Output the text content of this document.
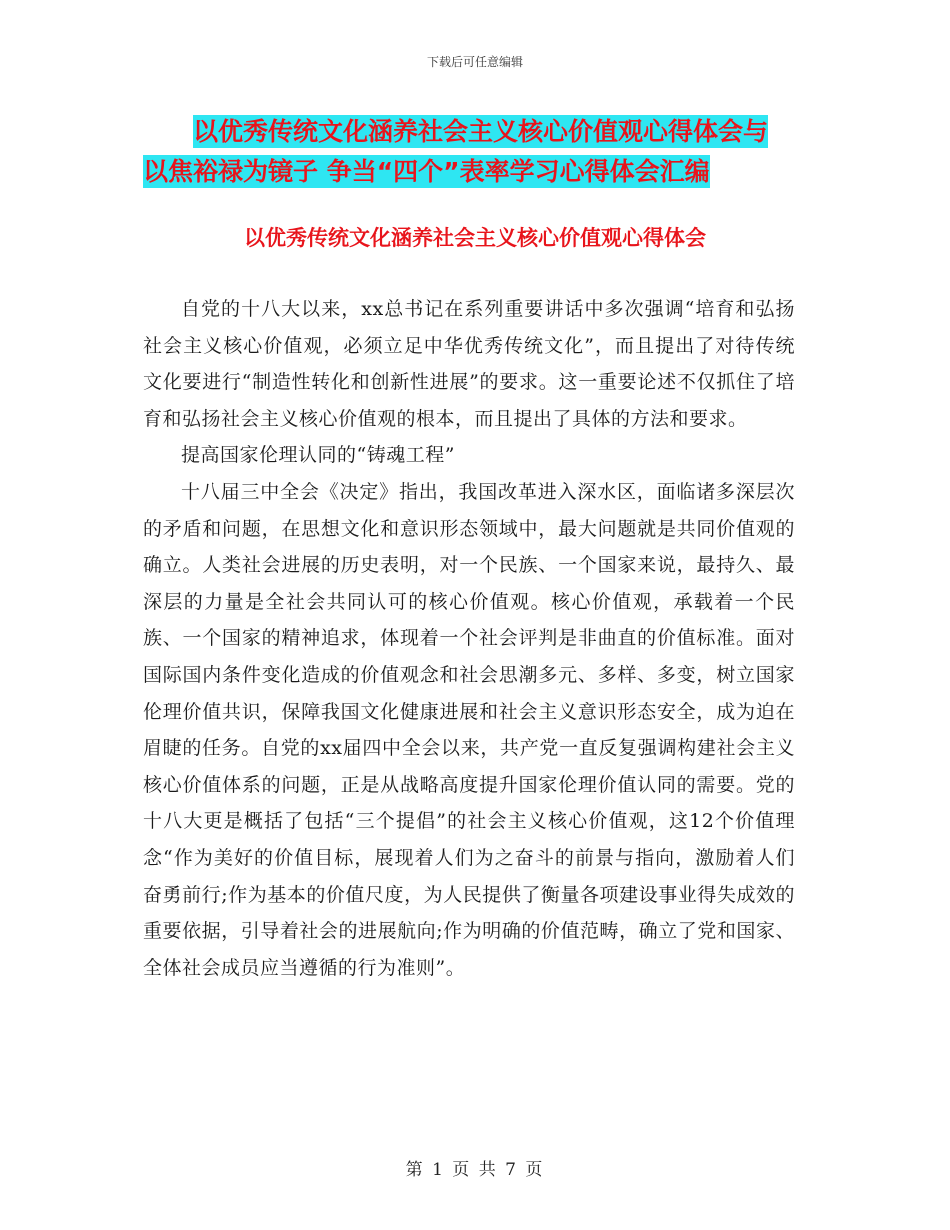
下载后可任意编辑
以优秀传统文化涵养社会主义核心价值观心得体会与
以焦裕禄为镜子 争当“四个”表率学习心得体会汇编
以优秀传统文化涵养社会主义核心价值观心得体会

自党的十八大以来，xx总书记在系列重要讲话中多次强调“培育和弘扬社会主义核心价值观，必须立足中华优秀传统文化”，而且提出了对待传统文化要进行“制造性转化和创新性进展”的要求。这一重要论述不仅抓住了培育和弘扬社会主义核心价值观的根本，而且提出了具体的方法和要求。

提高国家伦理认同的“铸魂工程”

十八届三中全会《决定》指出，我国改革进入深水区，面临诸多深层次的矛盾和问题，在思想文化和意识形态领域中，最大问题就是共同价值观的确立。人类社会进展的历史表明，对一个民族、一个国家来说，最持久、最深层的力量是全社会共同认可的核心价值观。核心价值观，承载着一个民族、一个国家的精神追求，体现着一个社会评判是非曲直的价值标准。面对国际国内条件变化造成的价值观念和社会思潮多元、多样、多变，树立国家伦理价值共识，保障我国文化健康进展和社会主义意识形态安全，成为迫在眉睫的任务。自党的xx届四中全会以来，共产党一直反复强调构建社会主义核心价值体系的问题，正是从战略高度提升国家伦理价值认同的需要。党的十八大更是概括了包括“三个提倡”的社会主义核心价值观，这12个价值理念“作为美好的价值目标，展现着人们为之奋斗的前景与指向，激励着人们奋勇前行;作为基本的价值尺度，为人民提供了衡量各项建设事业得失成效的重要依据，引导着社会的进展航向;作为明确的价值范畴，确立了党和国家、全体社会成员应当遵循的行为准则”。

第 1 页 共 7 页
